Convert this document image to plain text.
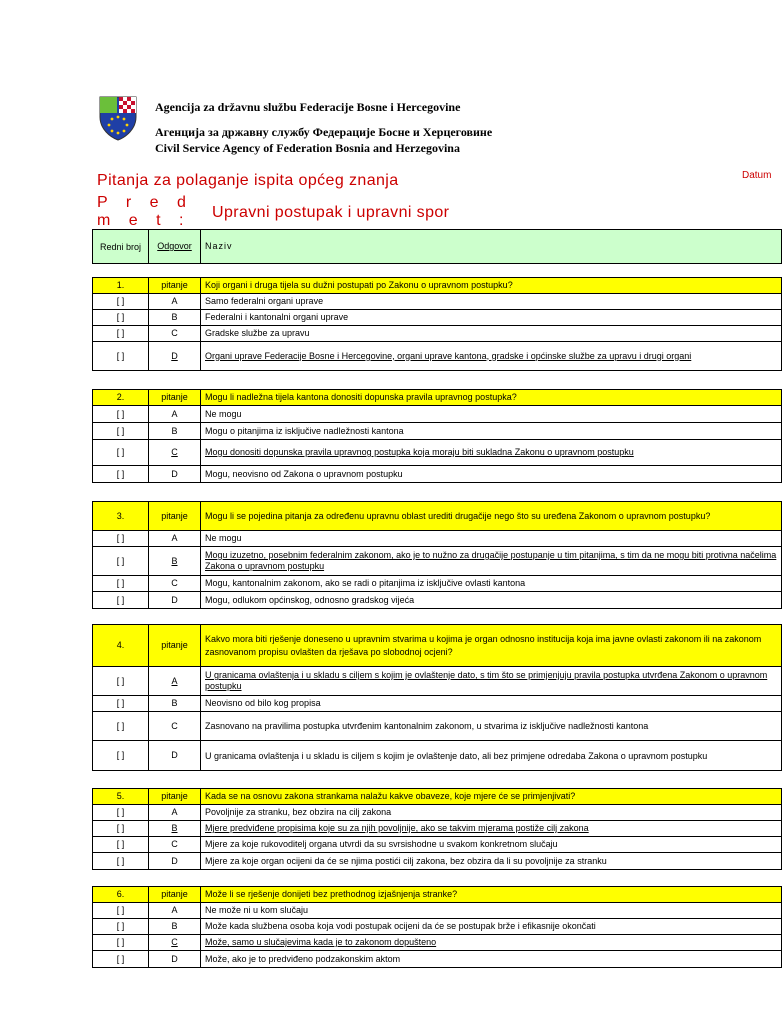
Agencija za državnu službu Federacije Bosne i Hercegovine
Агенција за државну службу Федерације Босне и Херцеговине
Civil Service Agency of Federation Bosnia and Herzegovina
Pitanja za polaganje ispita općeg znanja	Datum
P r e d m e t :	Upravni postupak i upravni spor
Redni broj	Odgovor	Naziv
1.	pitanje	Koji organi i druga tijela su dužni postupati po Zakonu o upravnom postupku?
[ ]	A	Samo federalni organi uprave
[ ]	B	Federalni i kantonalni organi uprave
[ ]	C	Gradske službe za upravu
[ ]	D	Organi uprave Federacije Bosne i Hercegovine, organi uprave kantona, gradske i općinske službe za upravu i drugi organi
2.	pitanje	Mogu li nadležna tijela kantona donositi dopunska pravila upravnog postupka?
[ ]	A	Ne mogu
[ ]	B	Mogu o pitanjima iz isključive nadležnosti kantona
[ ]	C	Mogu donositi dopunska pravila upravnog postupka koja moraju biti sukladna Zakonu o upravnom postupku
[ ]	D	Mogu, neovisno od Zakona o upravnom postupku
3.	pitanje	Mogu li se pojedina pitanja za određenu upravnu oblast urediti drugačije nego što su uređena Zakonom o upravnom postupku?
[ ]	A	Ne mogu
[ ]	B	Mogu izuzetno, posebnim federalnim zakonom, ako je to nužno za drugačije postupanje u tim pitanjima, s tim da ne mogu biti protivna načelima Zakona o upravnom postupku
[ ]	C	Mogu, kantonalnim zakonom, ako se radi o pitanjima iz isključive ovlasti kantona
[ ]	D	Mogu, odlukom općinskog, odnosno gradskog vijeća
4.	pitanje	Kakvo mora biti rješenje doneseno u upravnim stvarima u kojima je organ odnosno institucija koja ima javne ovlasti zakonom ili na zakonom zasnovanom propisu ovlašten da rješava po slobodnoj ocjeni?
[ ]	A	U granicama ovlaštenja i u skladu s ciljem s kojim je ovlaštenje dato, s tim što se primjenjuju pravila postupka utvrđena Zakonom o upravnom postupku
[ ]	B	Neovisno od bilo kog propisa
[ ]	C	Zasnovano na pravilima postupka utvrđenim kantonalnim zakonom, u stvarima iz isključive nadležnosti kantona
[ ]	D	U granicama ovlaštenja i u skladu is ciljem s kojim je ovlaštenje dato, ali bez primjene odredaba Zakona o upravnom postupku
5.	pitanje	Kada se na osnovu zakona strankama nalažu kakve obaveze, koje mjere će se primjenjivati?
[ ]	A	Povoljnije za stranku, bez obzira na cilj zakona
[ ]	B	Mjere predviđene propisima koje su za njih povoljnije, ako se takvim mjerama postiže cilj zakona
[ ]	C	Mjere za koje rukovoditelj organa utvrdi da su svrsishodne u svakom konkretnom slučaju
[ ]	D	Mjere za koje organ ocijeni da će se njima postići cilj zakona, bez obzira da li su povoljnije za stranku
6.	pitanje	Može li se rješenje donijeti bez prethodnog izjašnjenja stranke?
[ ]	A	Ne može ni u kom slučaju
[ ]	B	Može kada službena osoba koja vodi postupak ocijeni da će se postupak brže i efikasnije okončati
[ ]	C	Može, samo u slučajevima kada je to zakonom dopušteno
[ ]	D	Može, ako je to predviđeno podzakonskim aktom
